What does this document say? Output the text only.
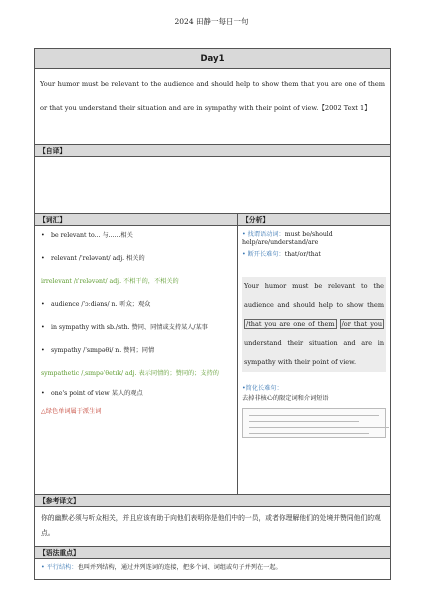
2024 田静一每日一句
Day1
Your humor must be relevant to the audience and should help to show them that you are one of them or that you understand their situation and are in sympathy with their point of view.【2002 Text 1】
【自译】
【词汇】	【分析】
• be relevant to... 与......相关
• relevant /ˈreləvənt/ adj. 相关的
irrelevant /ɪˈreləvənt/ adj. 不相干的，不相关的
• audience /ˈɔːdiəns/ n. 听众；观众
• in sympathy with sb./sth. 赞同、同情或支持某人/某事
• sympathy /ˈsɪmpəθi/ n. 赞同；同情
sympathetic /ˌsɪmpəˈθetɪk/ adj. 表示同情的；赞同的；支持的
• one's point of view 某人的观点
△绿色单词属于派生词
• 找谓语动词：must be/should help/are/understand/are
• 断开长难句：that/or/that
Your humor must be relevant to the audience and should help to show them /that you are one of them /or that you understand their situation and are in sympathy with their point of view.
•简化长难句：
去掉非核心的限定词和介词短语
【参考译文】
你的幽默必须与听众相关，并且应该有助于向他们表明你是他们中的一员，或者你理解他们的处境并赞同他们的观点。
【语法重点】
• 平行结构：也叫并列结构，通过并列连词的连接，把多个词、词组或句子并列在一起。
